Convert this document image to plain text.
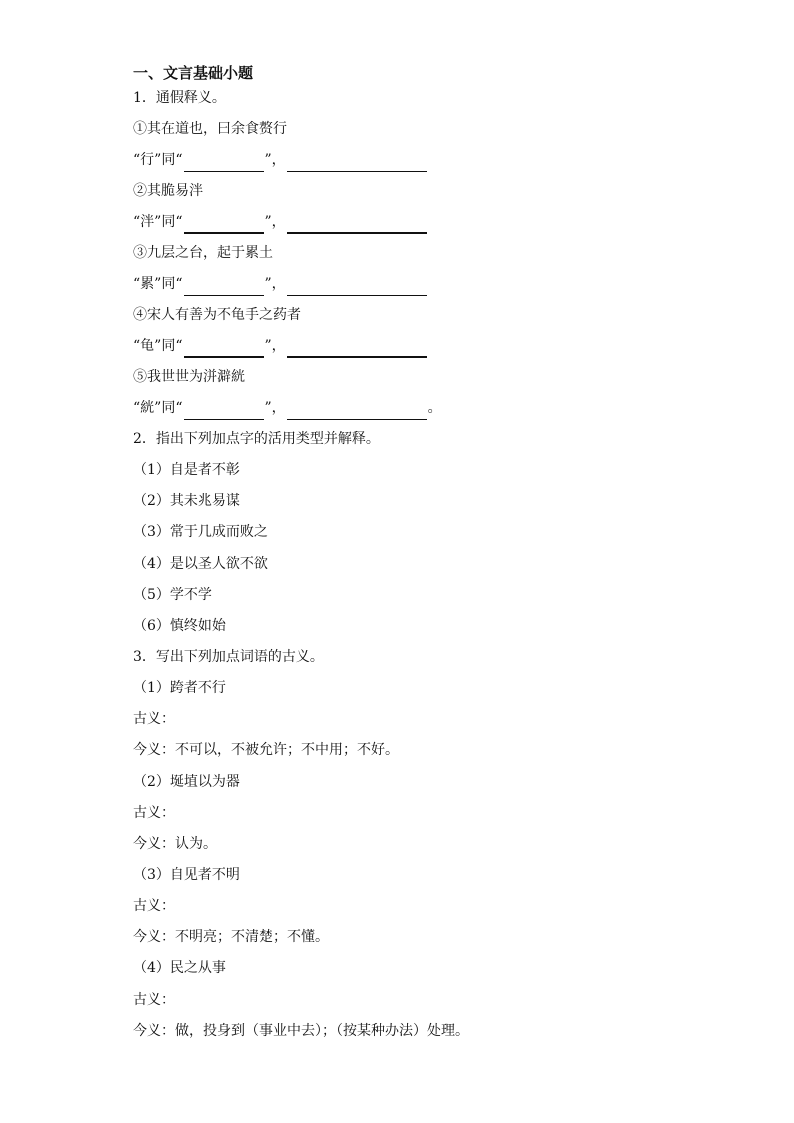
一、文言基础小题
1．通假释义。
①其在道也，曰余食赘行
“行”同“	”，
②其脆易泮
“泮”同“	”，
③九层之台，起于累土
“累”同“	”，
④宋人有善为不龟手之药者
“龟”同“	”，
⑤我世世为洴澼絖
“絖”同“	”，	。
2．指出下列加点字的活用类型并解释。
（1）自是者不彰
（2）其未兆易谋
（3）常于几成而败之
（4）是以圣人欲不欲
（5）学不学
（6）慎终如始
3．写出下列加点词语的古义。
（1）跨者不行
古义：
今义：不可以，不被允许；不中用；不好。
（2）埏埴以为器
古义：
今义：认为。
（3）自见者不明
古义：
今义：不明亮；不清楚；不懂。
（4）民之从事
古义：
今义：做，投身到（事业中去）；（按某种办法）处理。
